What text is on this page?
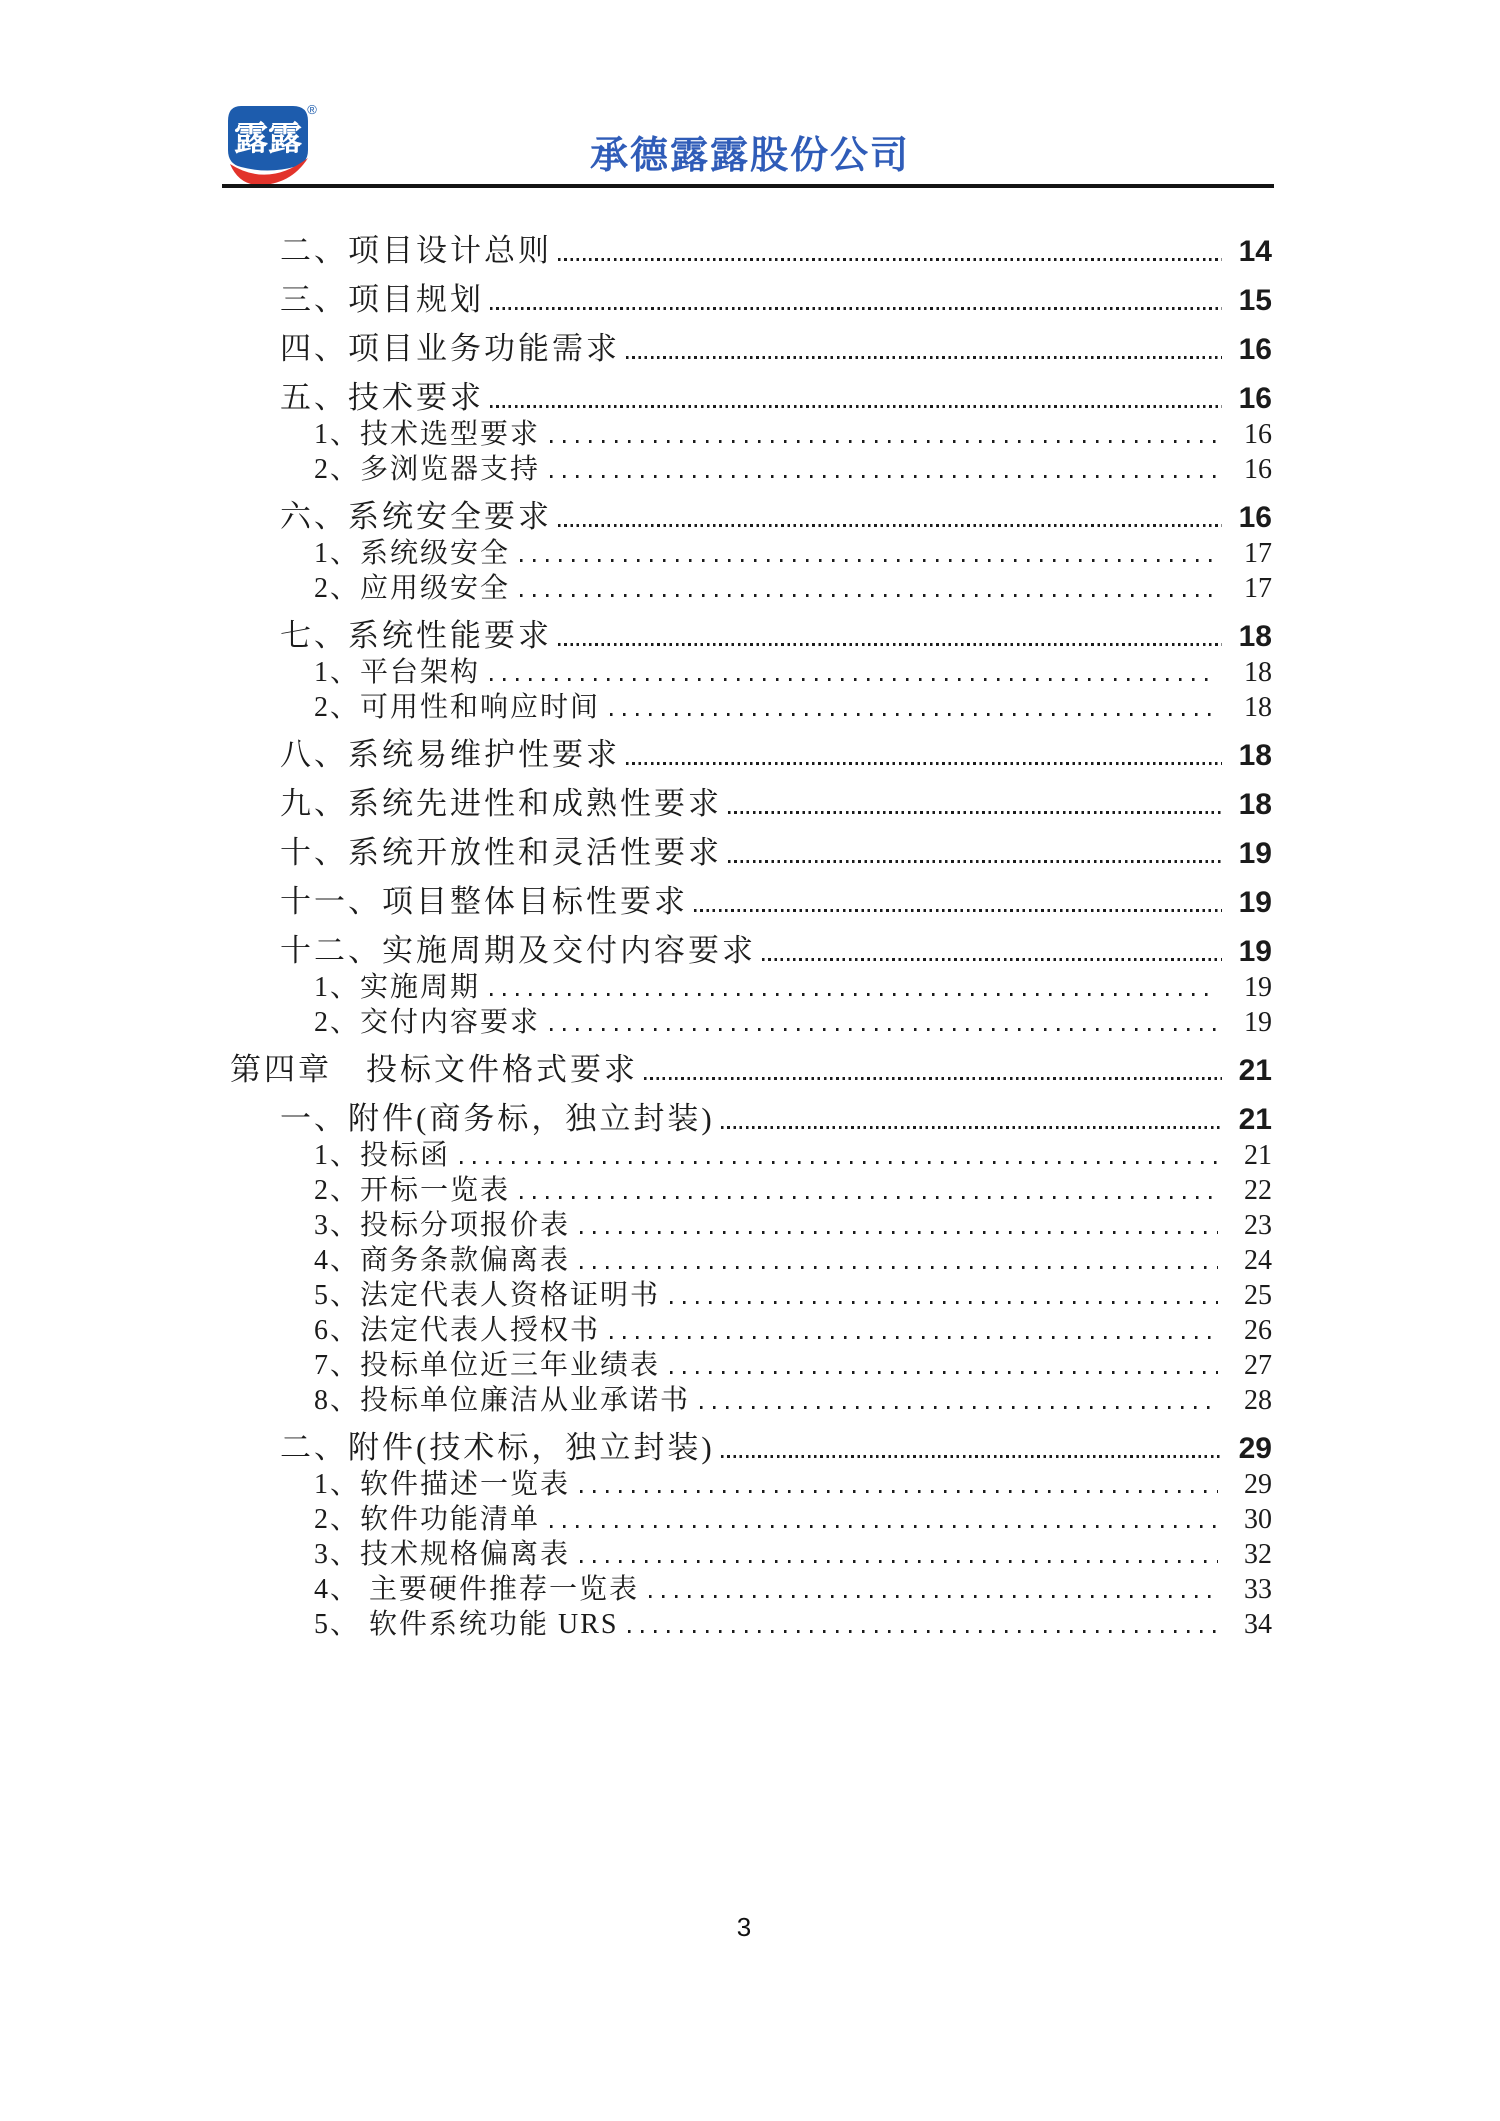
露露
®
承德露露股份公司
二、项目设计总则	14
三、项目规划	15
四、项目业务功能需求	16
五、技术要求	16
1、技术选型要求	16
2、多浏览器支持	16
六、系统安全要求	16
1、系统级安全	17
2、应用级安全	17
七、系统性能要求	18
1、平台架构	18
2、可用性和响应时间	18
八、系统易维护性要求	18
九、系统先进性和成熟性要求	18
十、系统开放性和灵活性要求	19
十一、项目整体目标性要求	19
十二、实施周期及交付内容要求	19
1、实施周期	19
2、交付内容要求	19
第四章　投标文件格式要求	21
一、附件(商务标，独立封装)	21
1、投标函	21
2、开标一览表	22
3、投标分项报价表	23
4、商务条款偏离表	24
5、法定代表人资格证明书	25
6、法定代表人授权书	26
7、投标单位近三年业绩表	27
8、投标单位廉洁从业承诺书	28
二、附件(技术标，独立封装)	29
1、软件描述一览表	29
2、软件功能清单	30
3、技术规格偏离表	32
4、 主要硬件推荐一览表	33
5、 软件系统功能 URS	34
3
